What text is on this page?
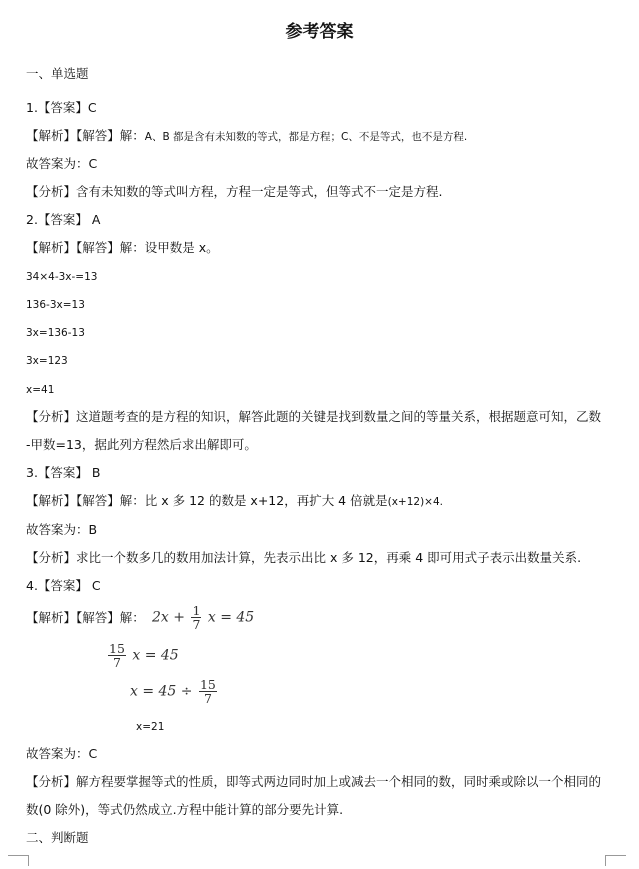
参考答案
一、单选题
1.【答案】C
【解析】【解答】解：A、B 都是含有未知数的等式，都是方程；C、不是等式，也不是方程.
故答案为：C
【分析】含有未知数的等式叫方程，方程一定是等式，但等式不一定是方程.
2.【答案】 A
【解析】【解答】解：设甲数是 x。
34×4-3x-=13
136-3x=13
3x=136-13
3x=123
x=41
【分析】这道题考查的是方程的知识，解答此题的关键是找到数量之间的等量关系，根据题意可知，乙数
-甲数=13，据此列方程然后求出解即可。
3.【答案】 B
【解析】【解答】解：比 x 多 12 的数是 x+12，再扩大 4 倍就是(x+12)×4.
故答案为：B
【分析】求比一个数多几的数用加法计算，先表示出比 x 多 12，再乘 4 即可用式子表示出数量关系.
4.【答案】 C
【解析】【解答】解： $2x + \frac{1}{7}$ x = 45
$\frac{15}{7}$ x = 45
$x = 45 \div \frac{15}{7}$
x=21
故答案为：C
【分析】解方程要掌握等式的性质，即等式两边同时加上或减去一个相同的数，同时乘或除以一个相同的
数(0 除外)，等式仍然成立.方程中能计算的部分要先计算.
二、判断题
